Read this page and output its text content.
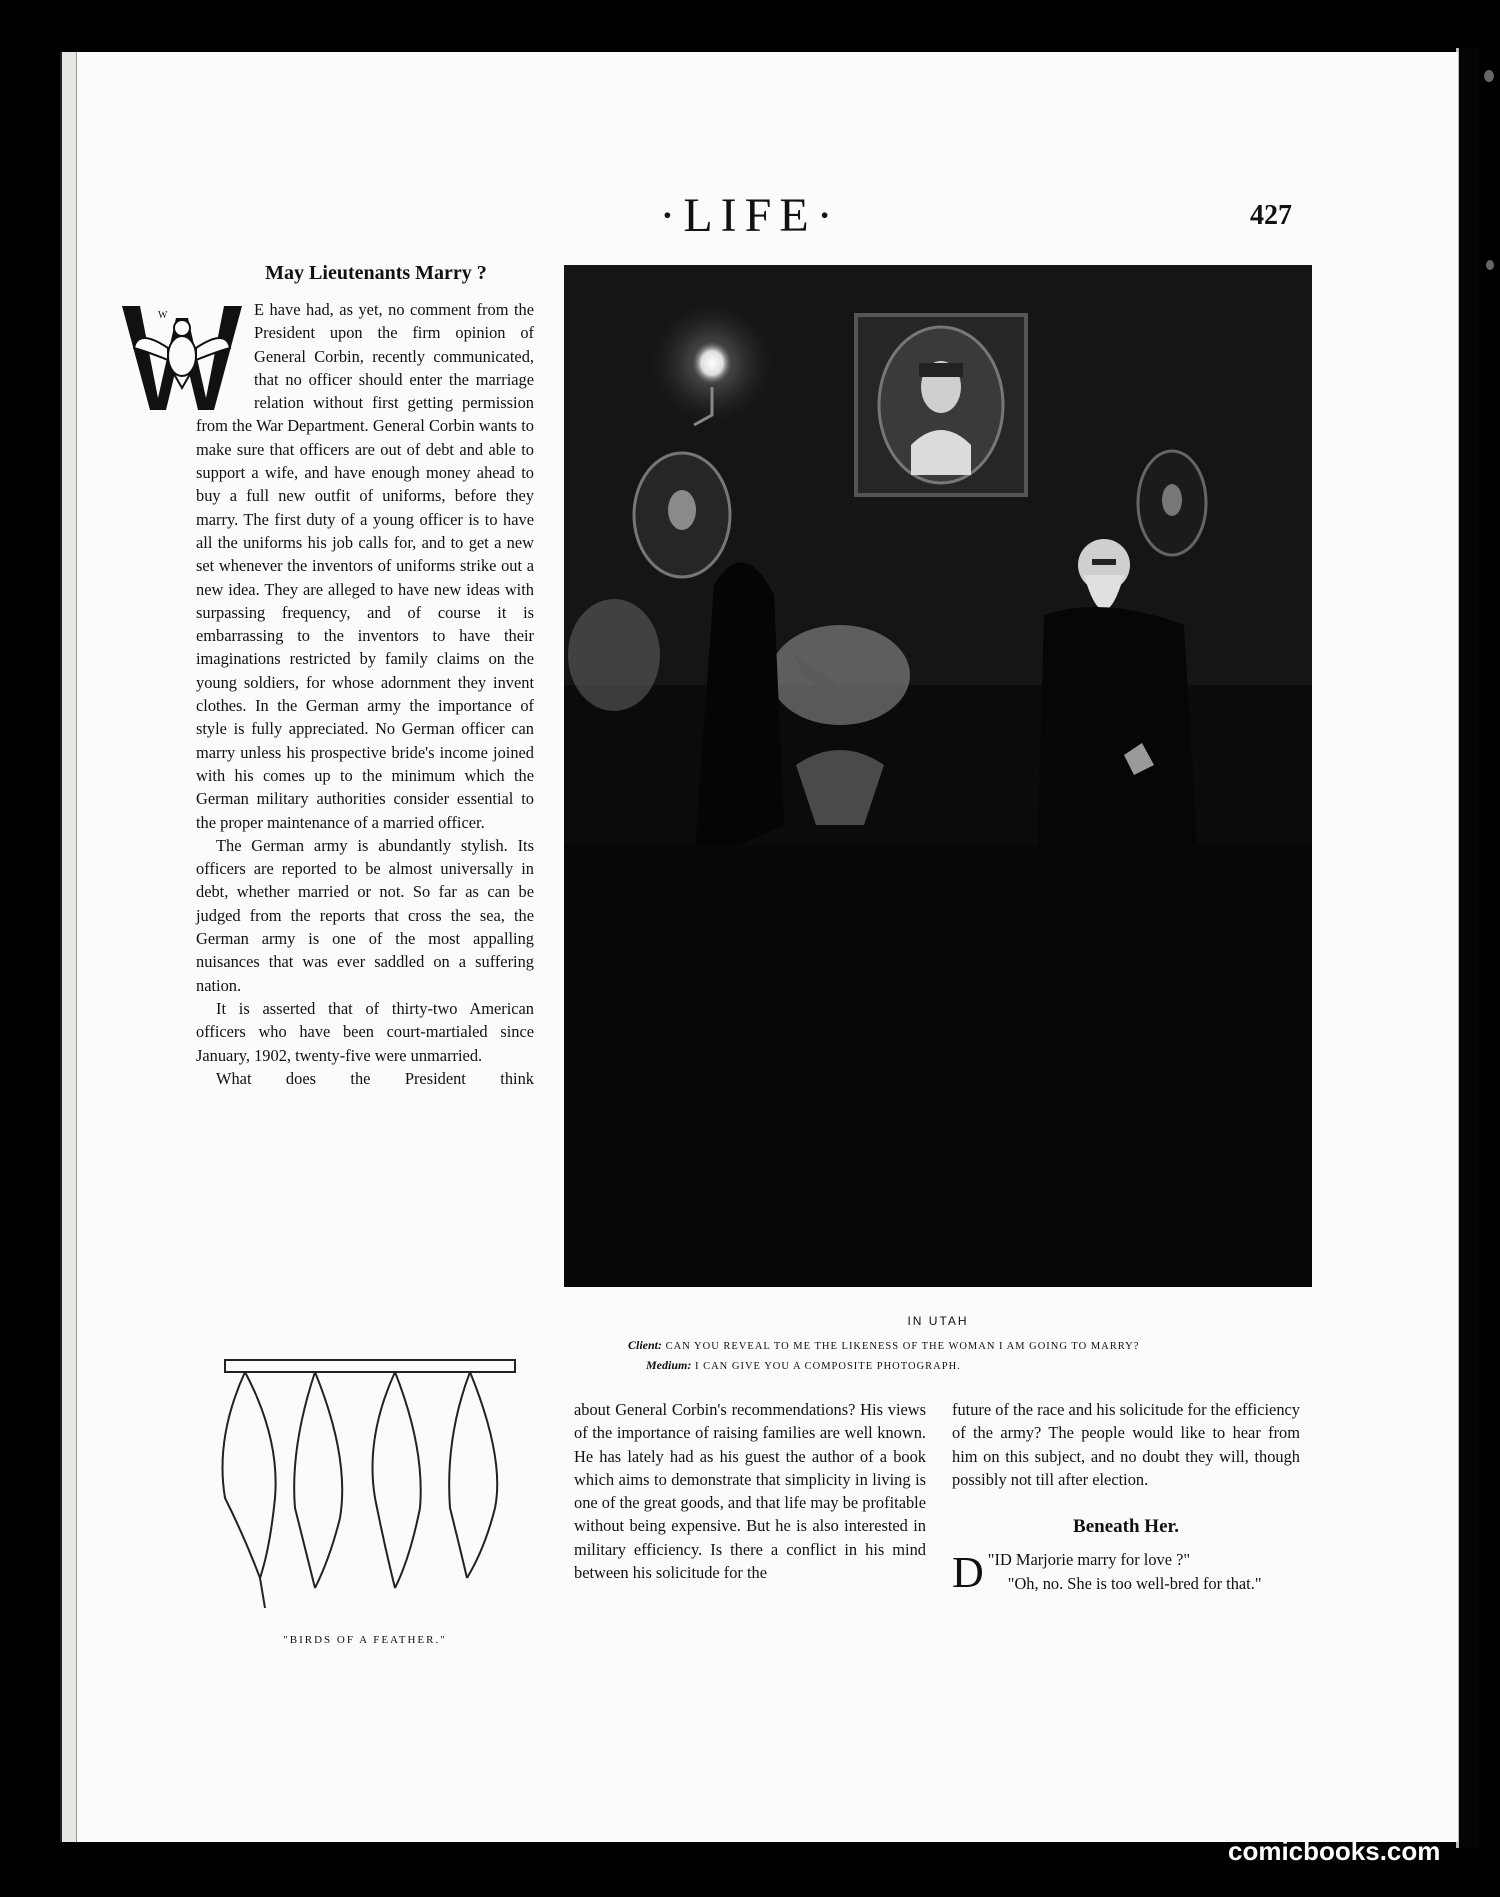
·LIFE·	427
May Lieutenants Marry ?
W	E have had, as yet, no comment from the President upon the firm opinion of General Corbin, recently communicated, that no officer should enter the marriage relation without first getting permission from the War Department. General Corbin wants to make sure that officers are out of debt and able to support a wife, and have enough money ahead to buy a full new outfit of uniforms, before they marry. The first duty of a young officer is to have all the uniforms his job calls for, and to get a new set whenever the inventors of uniforms strike out a new idea. They are alleged to have new ideas with surpassing frequency, and of course it is embarrassing to the inventors to have their imaginations restricted by family claims on the young soldiers, for whose adornment they invent clothes. In the German army the importance of style is fully appreciated. No German officer can marry unless his prospective bride's income joined with his comes up to the minimum which the German military authorities consider essential to the proper maintenance of a married officer.

The German army is abundantly stylish. Its officers are reported to be almost universally in debt, whether married or not. So far as can be judged from the reports that cross the sea, the German army is one of the most appalling nuisances that was ever saddled on a suffering nation.

It is asserted that of thirty-two American officers who have been court-martialed since January, 1902, twenty-five were unmarried.

What does the President think

IN UTAH
Client: CAN YOU REVEAL TO ME THE LIKENESS OF THE WOMAN I AM GOING TO MARRY?
Medium: I CAN GIVE YOU A COMPOSITE PHOTOGRAPH.
"BIRDS OF A FEATHER."
about General Corbin's recommendations? His views of the importance of raising families are well known. He has lately had as his guest the author of a book which aims to demonstrate that simplicity in living is one of the great goods, and that life may be profitable without being expensive. But he is also interested in military efficiency. Is there a conflict in his mind between his solicitude for the
future of the race and his solicitude for the efficiency of the army? The people would like to hear from him on this subject, and no doubt they will, though possibly not till after election.
Beneath Her.
"
D ID Marjorie marry for love ?"
"Oh, no. She is too well-bred for that."
comicbooks.com
